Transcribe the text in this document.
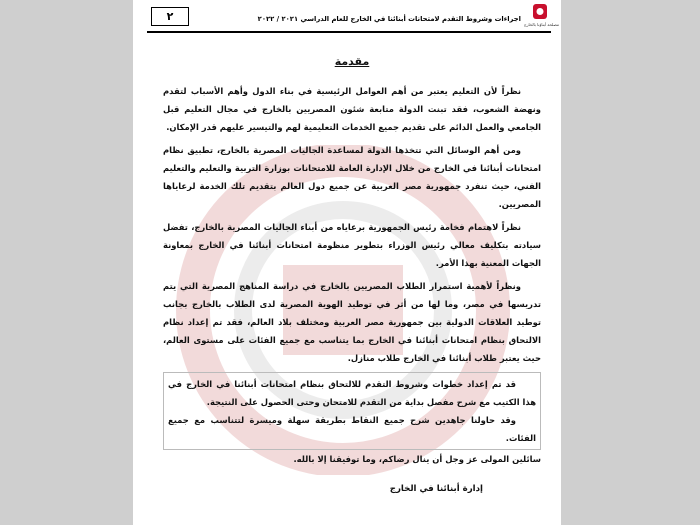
٢	اجراءات وشروط التقدم لامتحانات أبنائنا في الخارج للعام الدراسي ٢٠٢١ / ٢٠٢٢
مصلحة أبناؤنا بالخارج
مقدمة

نظراً لأن التعليم يعتبر من أهم العوامل الرئيسية في بناء الدول وأهم الأسباب لتقدم ونهضة الشعوب، فقد تبنت الدولة متابعة شئون المصريين بالخارج في مجال التعليم قبل الجامعي والعمل الدائم على تقديم جميع الخدمات التعليمية لهم والتيسير عليهم قدر الإمكان.

ومن أهم الوسائل التي تتخذها الدولة لمساعدة الجاليات المصرية بالخارج، تطبيق نظام امتحانات أبنائنا في الخارج من خلال الإدارة العامة للامتحانات بوزارة التربية والتعليم والتعليم الفني، حيث تنفرد جمهورية مصر العربية عن جميع دول العالم بتقديم تلك الخدمة لرعاياها المصريين.

نظراً لاهتمام فخامة رئيس الجمهورية برعاياه من أبناء الجاليات المصرية بالخارج، تفضل سيادته بتكليف معالي رئيس الوزراء بتطوير منظومة امتحانات أبنائنا في الخارج بمعاونة الجهات المعنية بهذا الأمر.

ونظراً لأهمية استمرار الطلاب المصريين بالخارج في دراسة المناهج المصرية التي يتم تدريسها في مصر، وما لها من أثر في توطيد الهوية المصرية لدى الطلاب بالخارج بجانب توطيد العلاقات الدولية بين جمهورية مصر العربية ومختلف بلاد العالم، فقد تم إعداد نظام الالتحاق بنظام امتحانات أبنائنا في الخارج بما يتناسب مع جميع الفئات على مستوى العالم، حيث يعتبر طلاب أبنائنا في الخارج طلاب منازل.

قد تم إعداد خطوات وشروط التقدم للالتحاق بنظام امتحانات أبنائنا في الخارج في هذا الكتيب مع شرح مفصل بداية من التقدم للامتحان وحتى الحصول على النتيجة.

وقد حاولنا جاهدين شرح جميع النقاط بطريقة سهلة وميسرة لتتناسب مع جميع الفئات.

سائلين المولى عز وجل أن ينال رضاكم، وما توفيقنا إلا بالله.
إدارة أبنائنا في الخارج
